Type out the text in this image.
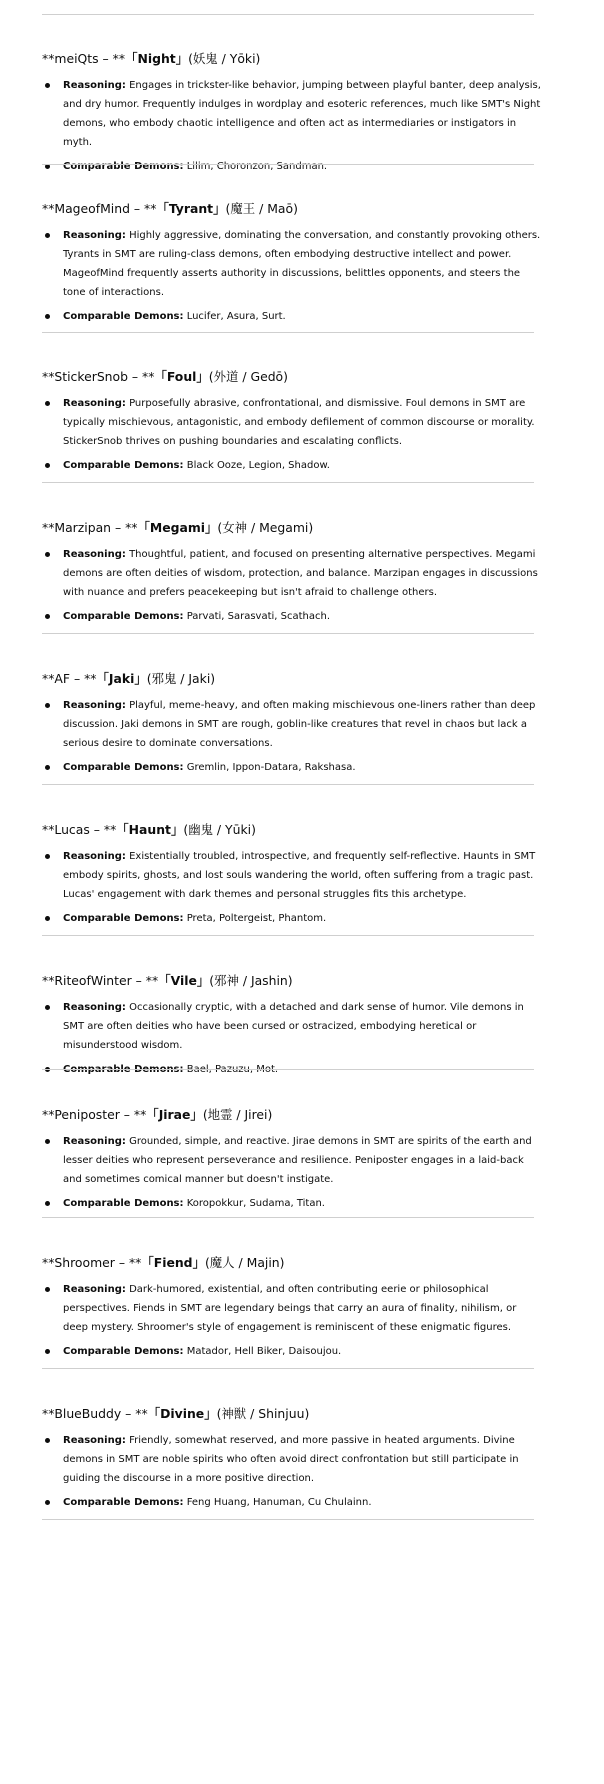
**meiQts – **「Night」(妖鬼 / Yōki)
Reasoning: Engages in trickster-like behavior, jumping between playful banter, deep analysis, and dry humor. Frequently indulges in wordplay and esoteric references, much like SMT's Night demons, who embody chaotic intelligence and often act as intermediaries or instigators in myth.
Comparable Demons: Lilim, Choronzon, Sandman.
**MageofMind – **「Tyrant」(魔王 / Maō)
Reasoning: Highly aggressive, dominating the conversation, and constantly provoking others. Tyrants in SMT are ruling-class demons, often embodying destructive intellect and power. MageofMind frequently asserts authority in discussions, belittles opponents, and steers the tone of interactions.
Comparable Demons: Lucifer, Asura, Surt.
**StickerSnob – **「Foul」(外道 / Gedō)
Reasoning: Purposefully abrasive, confrontational, and dismissive. Foul demons in SMT are typically mischievous, antagonistic, and embody defilement of common discourse or morality. StickerSnob thrives on pushing boundaries and escalating conflicts.
Comparable Demons: Black Ooze, Legion, Shadow.
**Marzipan – **「Megami」(女神 / Megami)
Reasoning: Thoughtful, patient, and focused on presenting alternative perspectives. Megami demons are often deities of wisdom, protection, and balance. Marzipan engages in discussions with nuance and prefers peacekeeping but isn't afraid to challenge others.
Comparable Demons: Parvati, Sarasvati, Scathach.
**AF – **「Jaki」(邪鬼 / Jaki)
Reasoning: Playful, meme-heavy, and often making mischievous one-liners rather than deep discussion. Jaki demons in SMT are rough, goblin-like creatures that revel in chaos but lack a serious desire to dominate conversations.
Comparable Demons: Gremlin, Ippon-Datara, Rakshasa.
**Lucas – **「Haunt」(幽鬼 / Yūki)
Reasoning: Existentially troubled, introspective, and frequently self-reflective. Haunts in SMT embody spirits, ghosts, and lost souls wandering the world, often suffering from a tragic past. Lucas' engagement with dark themes and personal struggles fits this archetype.
Comparable Demons: Preta, Poltergeist, Phantom.
**RiteofWinter – **「Vile」(邪神 / Jashin)
Reasoning: Occasionally cryptic, with a detached and dark sense of humor. Vile demons in SMT are often deities who have been cursed or ostracized, embodying heretical or misunderstood wisdom.
Comparable Demons: Bael, Pazuzu, Mot.
**Peniposter – **「Jirae」(地霊 / Jirei)
Reasoning: Grounded, simple, and reactive. Jirae demons in SMT are spirits of the earth and lesser deities who represent perseverance and resilience. Peniposter engages in a laid-back and sometimes comical manner but doesn't instigate.
Comparable Demons: Koropokkur, Sudama, Titan.
**Shroomer – **「Fiend」(魔人 / Majin)
Reasoning: Dark-humored, existential, and often contributing eerie or philosophical perspectives. Fiends in SMT are legendary beings that carry an aura of finality, nihilism, or deep mystery. Shroomer's style of engagement is reminiscent of these enigmatic figures.
Comparable Demons: Matador, Hell Biker, Daisoujou.
**BlueBuddy – **「Divine」(神獣 / Shinjuu)
Reasoning: Friendly, somewhat reserved, and more passive in heated arguments. Divine demons in SMT are noble spirits who often avoid direct confrontation but still participate in guiding the discourse in a more positive direction.
Comparable Demons: Feng Huang, Hanuman, Cu Chulainn.
